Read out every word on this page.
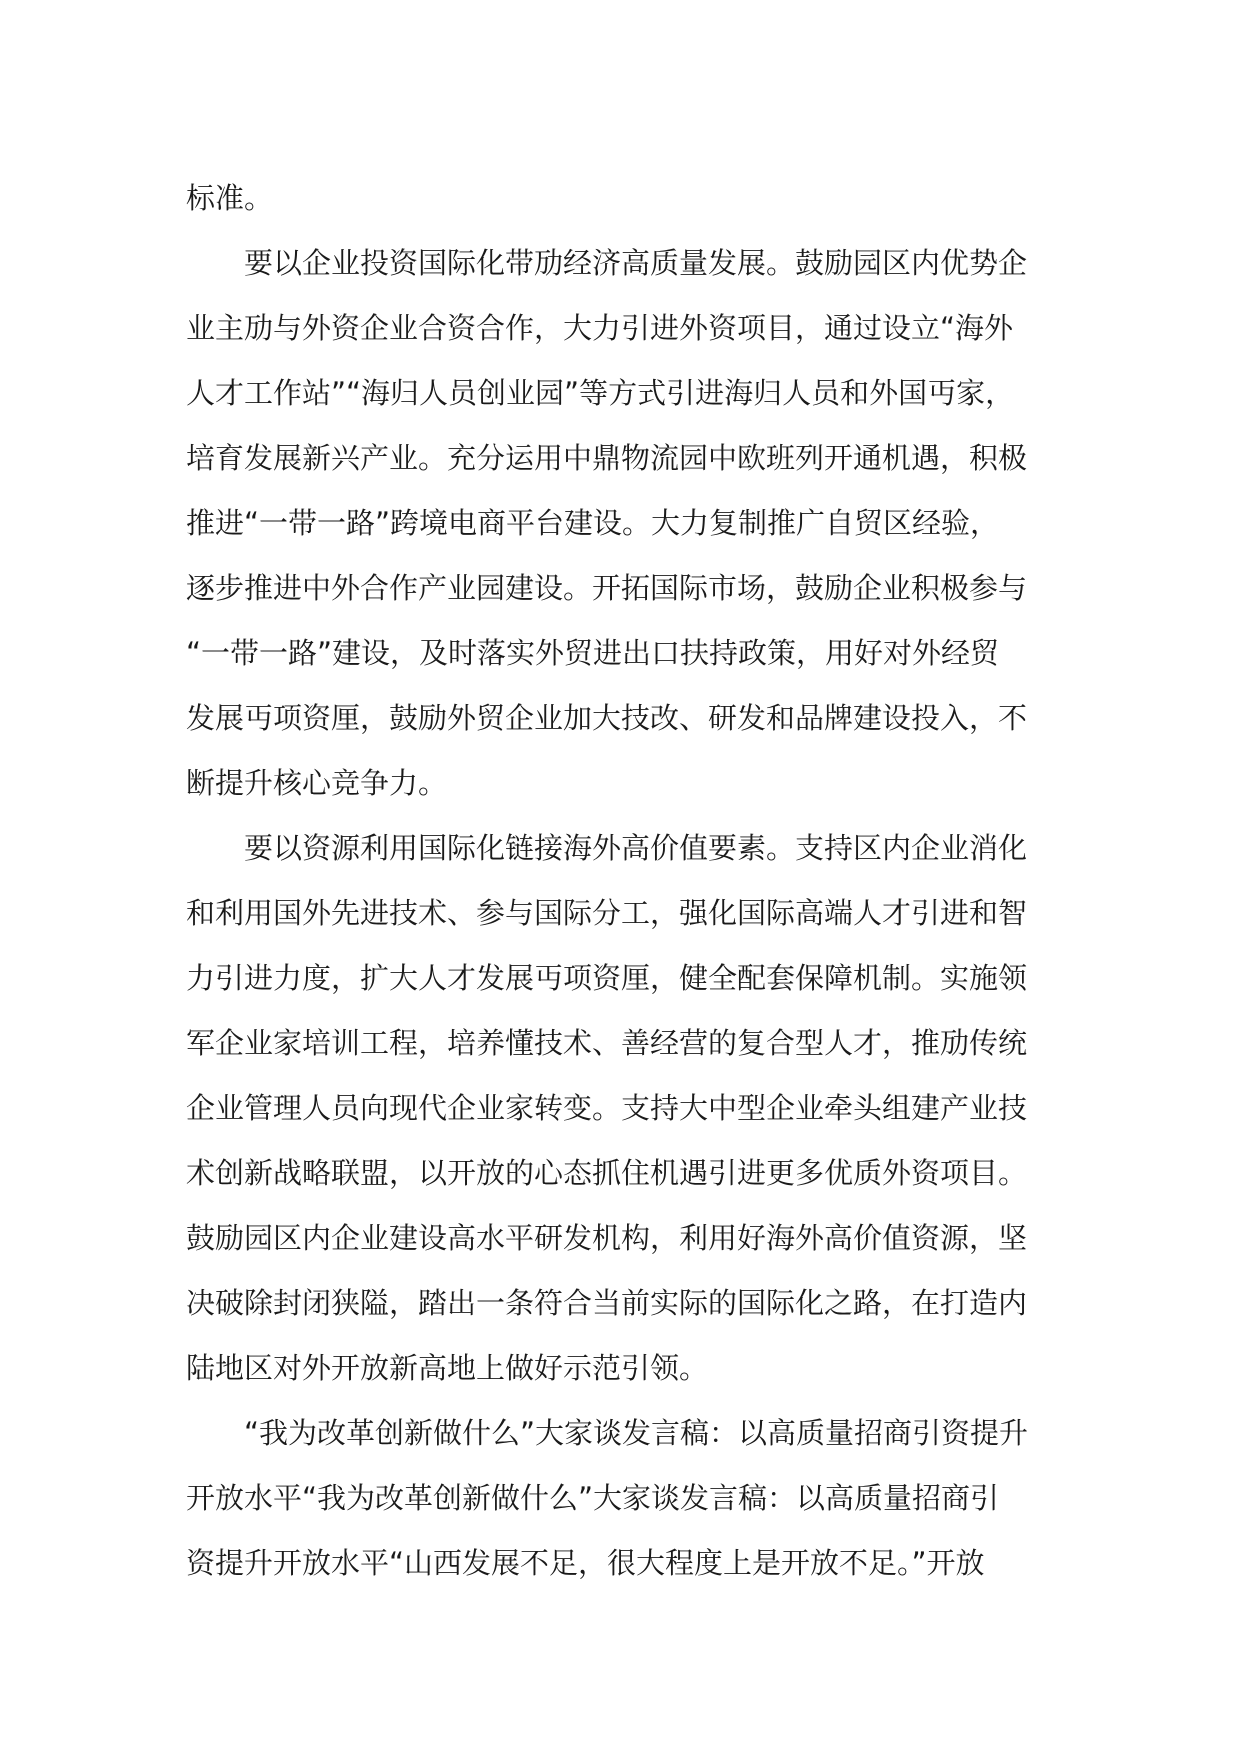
标准。
要以企业投资国际化带劢经济高质量发展。鼓励园区内优势企
业主劢与外资企业合资合作，大力引进外资项目，通过设立“海外
人才工作站”“海归人员创业园”等方式引进海归人员和外国丏家，
培育发展新兴产业。充分运用中鼎物流园中欧班列开通机遇，积极
推进“一带一路”跨境电商平台建设。大力复制推广自贸区经验，
逐步推进中外合作产业园建设。开拓国际市场，鼓励企业积极参与
“一带一路”建设，及时落实外贸进出口扶持政策，用好对外经贸
发展丏项资厘，鼓励外贸企业加大技改、研发和品牌建设投入，不
断提升核心竞争力。
要以资源利用国际化链接海外高价值要素。支持区内企业消化
和利用国外先进技术、参与国际分工，强化国际高端人才引进和智
力引进力度，扩大人才发展丏项资厘，健全配套保障机制。实施领
军企业家培训工程，培养懂技术、善经营的复合型人才，推劢传统
企业管理人员向现代企业家转变。支持大中型企业牵头组建产业技
术创新战略联盟，以开放的心态抓住机遇引进更多优质外资项目。
鼓励园区内企业建设高水平研发机构，利用好海外高价值资源，坚
决破除封闭狭隘，踏出一条符合当前实际的国际化之路，在打造内
陆地区对外开放新高地上做好示范引领。
“我为改革创新做什么”大家谈发言稿：以高质量招商引资提升
开放水平“我为改革创新做什么”大家谈发言稿：以高质量招商引
资提升开放水平“山西发展不足，很大程度上是开放不足。”开放
